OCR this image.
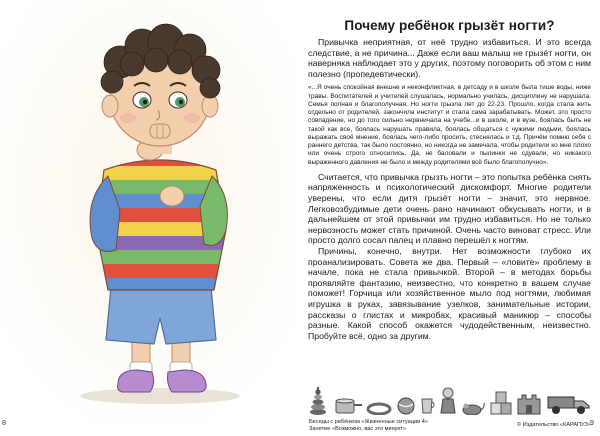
8	9
Почему ребёнок грызёт ногти?

Привычка неприятная, от неё трудно избавиться. И это всегда следствие, а не причина... Даже если ваш малыш не грызёт ногти, он наверняка наблюдает это у других, поэтому поговорить об этом с ним полезно (пропедевтически).

«...Я очень спокойная внешне и неконфликтная, в детсаду и в школе была тише воды, ниже травы. Воспитателей и учителей слушалась, нормально училась, дисциплину не нарушала. Семья полная и благополучная. Но ногти грызла лет до 22-23. Прошло, когда стала жить отдельно от родителей, закончила институт и стала сама зарабатывать. Может, это просто совпадение, но до того сильно нервничала на учебе...и в школе, и в вузе, боялась быть не такой как все, боялась нарушать правила, боялась общаться с чужими людьми, боялась выражать своё мнение, боялась чего-либо просить, стеснялась и т.д. Причём помню себя с раннего детства, так было постоянно, но никогда не замечала, чтобы родители ко мне плохо или очень строго относились. Да, не баловали и пылинки не сдували, но никакого выраженного давления не было и между родителями всё было благополучно».

Считается, что привычка грызть ногти – это попытка ребёнка снять напряженность и психологический дискомфорт. Многие родители уверены, что если дитя грызёт ногти – значит, это нервное. Легковозбудимые дети очень рано начинают обкусывать ногти, и в дальнейшем от этой привычки им трудно избавиться. Но не только нервозность может стать причиной. Очень часто виноват стресс. Или просто долго сосал палец и плавно перешёл к ногтям.

Причины, конечно, внутри. Нет возможности глубоко их проанализировать. Совета же два. Первый – «ловите» проблему в начале, пока не стала привычкой. Второй – в методах борьбы проявляйте фантазию, неизвестно, что конкретно в вашем случае поможет! Горчица или хозяйственное мыло под ногтями, любимая игрушка в руках, завязывание узелков, занимательные истории, рассказы о глистах и микробах, красивый маникюр – способы разные. Какой способ окажется чудодейственным, неизвестно. Пробуйте всё, одно за другим.

Беседы с ребёнком «Жизненные ситуации 4»
Занятие «Возможно, вас это минует»
© Издательство «КАРАПУЗ»
